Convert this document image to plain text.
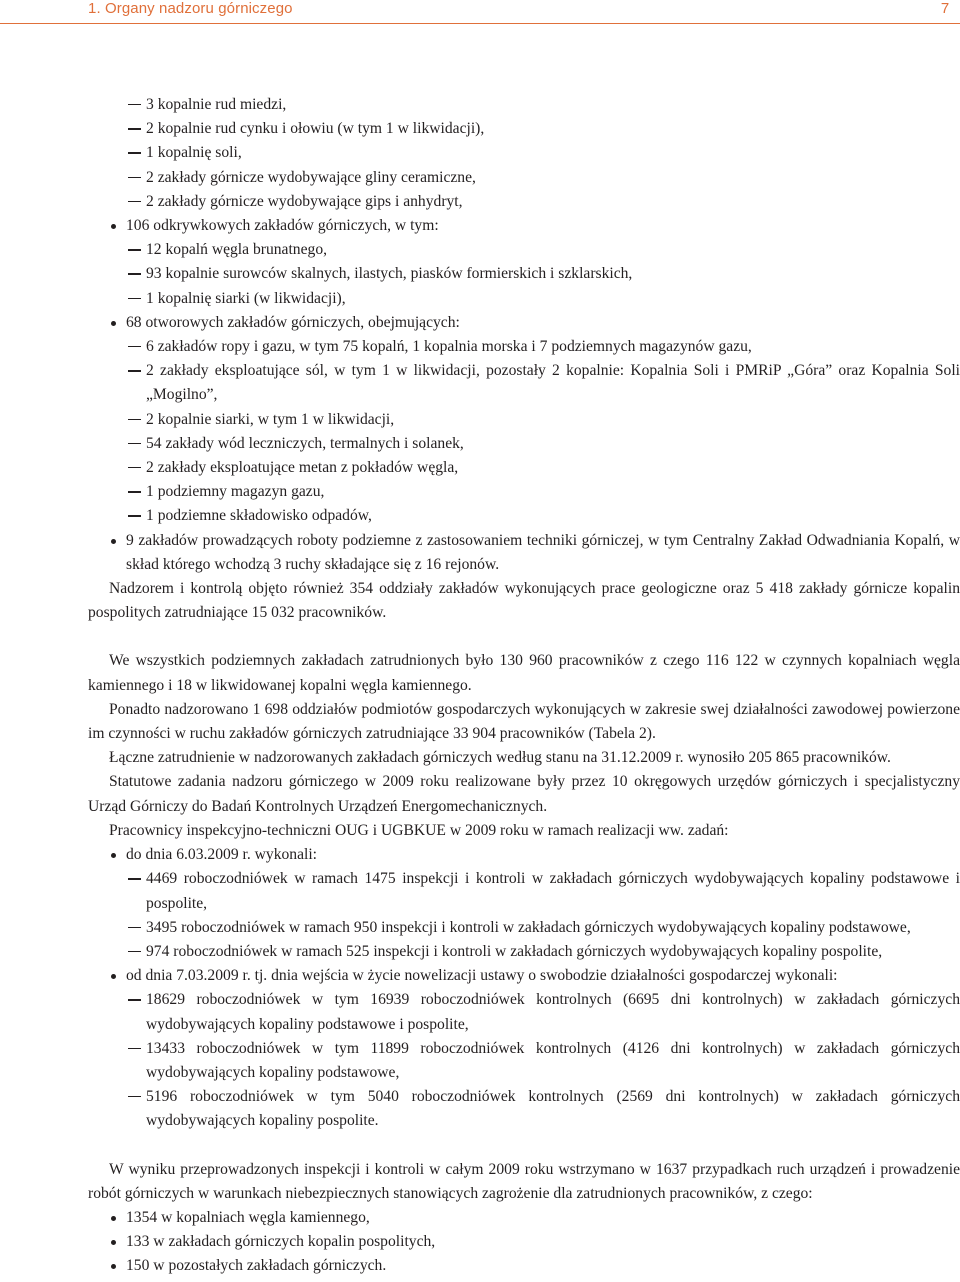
1. Organy nadzoru górniczego	7
3 kopalnie rud miedzi,
2 kopalnie rud cynku i ołowiu (w tym 1 w likwidacji),
1 kopalnię soli,
2 zakłady górnicze wydobywające gliny ceramiczne,
2 zakłady górnicze wydobywające gips i anhydryt,
106 odkrywkowych zakładów górniczych, w tym:
12 kopalń węgla brunatnego,
93 kopalnie surowców skalnych, ilastych, piasków formierskich i szklarskich,
1 kopalnię siarki (w likwidacji),
68 otworowych zakładów górniczych, obejmujących:
6 zakładów ropy i gazu, w tym 75 kopalń, 1 kopalnia morska i 7 podziemnych magazynów gazu,
2 zakłady eksploatujące sól, w tym 1 w likwidacji, pozostały 2 kopalnie: Kopalnia Soli i PMRiP „Góra” oraz Kopalnia Soli „Mogilno”,
2 kopalnie siarki, w tym 1 w likwidacji,
54 zakłady wód leczniczych, termalnych i solanek,
2 zakłady eksploatujące metan z pokładów węgla,
1 podziemny magazyn gazu,
1 podziemne składowisko odpadów,
9 zakładów prowadzących roboty podziemne z zastosowaniem techniki górniczej, w tym Centralny Zakład Odwadniania Kopalń, w skład którego wchodzą 3 ruchy składające się z 16 rejonów.
Nadzorem i kontrolą objęto również 354 oddziały zakładów wykonujących prace geologiczne oraz 5 418 zakłady górnicze kopalin pospolitych zatrudniające 15 032 pracowników.
We wszystkich podziemnych zakładach zatrudnionych było 130 960 pracowników z czego 116 122 w czynnych kopalniach węgla kamiennego i 18 w likwidowanej kopalni węgla kamiennego.
Ponadto nadzorowano 1 698 oddziałów podmiotów gospodarczych wykonujących w zakresie swej działalności zawodowej powierzone im czynności w ruchu zakładów górniczych zatrudniające 33 904 pracowników (Tabela 2).
Łączne zatrudnienie w nadzorowanych zakładach górniczych według stanu na 31.12.2009 r. wynosiło 205 865 pracowników.
Statutowe zadania nadzoru górniczego w 2009 roku realizowane były przez 10 okręgowych urzędów górniczych i specjalistyczny Urząd Górniczy do Badań Kontrolnych Urządzeń Energomechanicznych.
Pracownicy inspekcyjno-techniczni OUG i UGBKUE w 2009 roku w ramach realizacji ww. zadań:
do dnia 6.03.2009 r. wykonali:
4469 roboczodniówek w ramach 1475 inspekcji i kontroli w zakładach górniczych wydobywających kopaliny podstawowe i pospolite,
3495 roboczodniówek w ramach 950 inspekcji i kontroli w zakładach górniczych wydobywających kopaliny podstawowe,
974 roboczodniówek w ramach 525 inspekcji i kontroli w zakładach górniczych wydobywających kopaliny pospolite,
od dnia 7.03.2009 r. tj. dnia wejścia w życie nowelizacji ustawy o swobodzie działalności gospodarczej wykonali:
18629 roboczodniówek w tym 16939 roboczodniówek kontrolnych (6695 dni kontrolnych) w zakładach górniczych wydobywających kopaliny podstawowe i pospolite,
13433 roboczodniówek w tym 11899 roboczodniówek kontrolnych (4126 dni kontrolnych) w zakładach górniczych wydobywających kopaliny podstawowe,
5196 roboczodniówek w tym 5040 roboczodniówek kontrolnych (2569 dni kontrolnych) w zakładach górniczych wydobywających kopaliny pospolite.
W wyniku przeprowadzonych inspekcji i kontroli w całym 2009 roku wstrzymano w 1637 przypadkach ruch urządzeń i prowadzenie robót górniczych w warunkach niebezpiecznych stanowiących zagrożenie dla zatrudnionych pracowników, z czego:
1354 w kopalniach węgla kamiennego,
133 w zakładach górniczych kopalin pospolitych,
150 w pozostałych zakładach górniczych.
